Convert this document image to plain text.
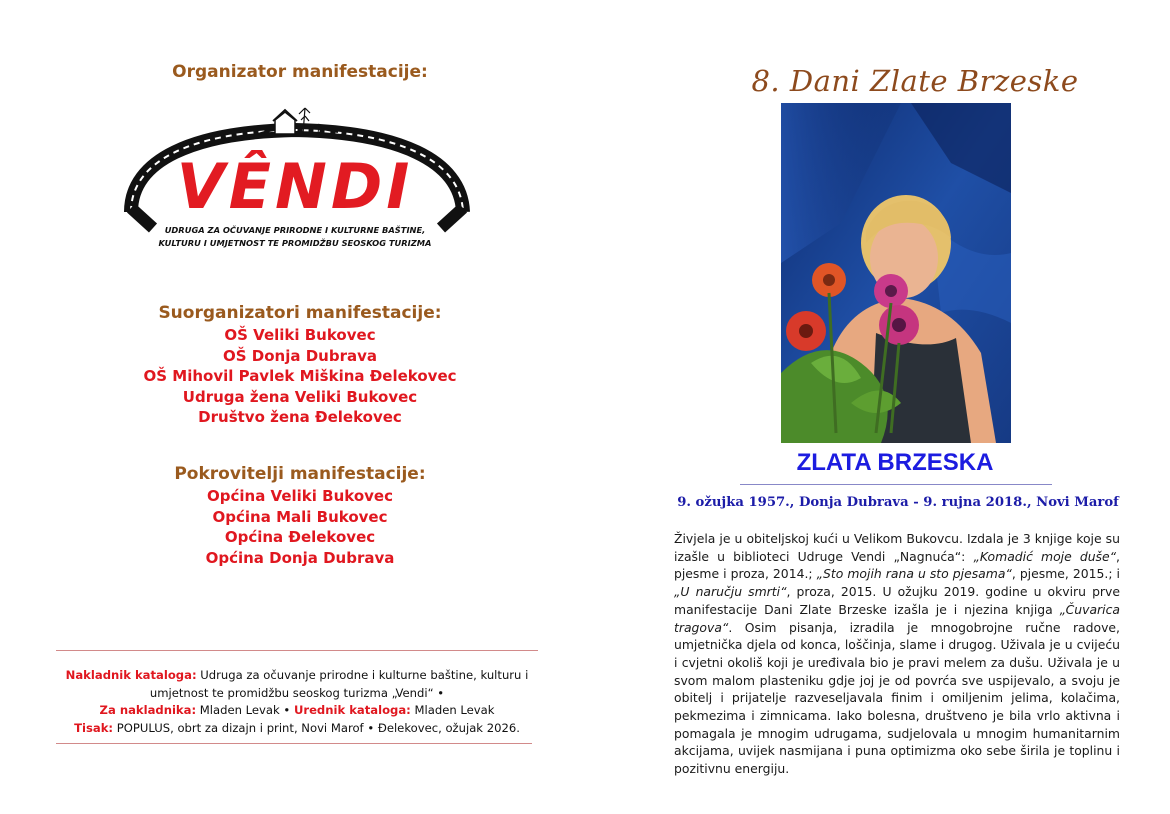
Organizator manifestacije:
VÊNDI
UDRUGA ZA OČUVANJE PRIRODNE I KULTURNE BAŠTINE,
KULTURU I UMJETNOST TE PROMIDŽBU SEOSKOG TURIZMA
Suorganizatori manifestacije:
OŠ Veliki Bukovec
OŠ Donja Dubrava
OŠ Mihovil Pavlek Miškina Đelekovec
Udruga žena Veliki Bukovec
Društvo žena Đelekovec
Pokrovitelji manifestacije:
Općina Veliki Bukovec
Općina Mali Bukovec
Općina Đelekovec
Općina Donja Dubrava
Nakladnik kataloga: Udruga za očuvanje prirodne i kulturne baštine, kulturu i
umjetnost te promidžbu seoskog turizma „Vendi“ •
Za nakladnika: Mladen Levak • Urednik kataloga: Mladen Levak
Tisak: POPULUS, obrt za dizajn i print, Novi Marof • Đelekovec, ožujak 2026.
8. Dani Zlate Brzeske
ZLATA BRZESKA
9. ožujka 1957., Donja Dubrava - 9. rujna 2018., Novi Marof
Živjela je u obiteljskoj kući u Velikom Bukovcu. Izdala je 3 knjige koje su izašle u biblioteci Udruge Vendi „Nagnuća“: „Komadić moje duše“, pjesme i proza, 2014.; „Sto mojih rana u sto pjesama“, pjesme, 2015.; i „U naručju smrti“, proza, 2015. U ožujku 2019. godine u okviru prve manifestacije Dani Zlate Brzeske izašla je i njezina knjiga „Čuvarica tragova“. Osim pisanja, izradila je mnogobrojne ručne radove, umjetnička djela od konca, loščinja, slame i drugog. Uživala je u cvijeću i cvjetni okoliš koji je uređivala bio je pravi melem za dušu. Uživala je u svom malom plasteniku gdje joj je od povrća sve uspijevalo, a svoju je obitelj i prijatelje razveseljavala finim i omiljenim jelima, kolačima, pekmezima i zimnicama. Iako bolesna, društveno je bila vrlo aktivna i pomagala je mnogim udrugama, sudjelovala u mnogim humanitarnim akcijama, uvijek nasmijana i puna optimizma oko sebe širila je toplinu i pozitivnu energiju.
